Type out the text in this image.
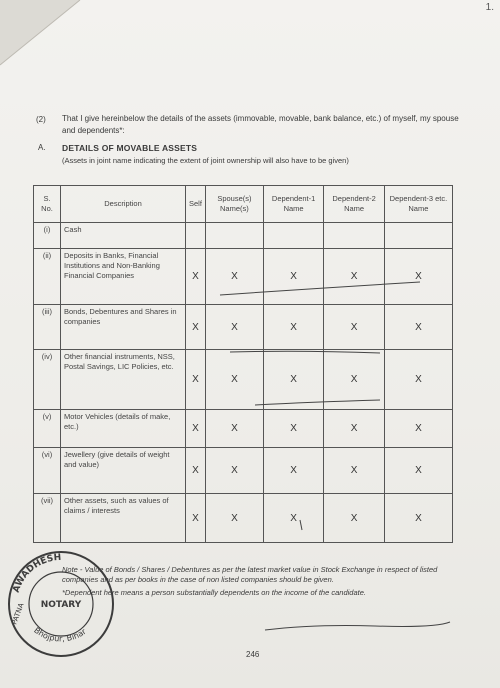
1.
(2) That I give hereinbelow the details of the assets (immovable, movable, bank balance, etc.) of myself, my spouse and dependents*:
A. DETAILS OF MOVABLE ASSETS
(Assets in joint name indicating the extent of joint ownership will also have to be given)
S. No.	Description	Self	Spouse(s) Name(s)	Dependent-1 Name	Dependent-2 Name	Dependent-3 etc. Name
(i)	Cash					
(ii)	Deposits in Banks, Financial Institutions and Non-Banking Financial Companies	X	X	X	X	X
(iii)	Bonds, Debentures and Shares in companies	X	X	X	X	X
(iv)	Other financial instruments, NSS, Postal Savings, LIC Policies, etc.	X	X	X	X	X
(v)	Motor Vehicles (details of make, etc.)	X	X	X	X	X
(vi)	Jewellery (give details of weight and value)	X	X	X	X	X
(vii)	Other assets, such as values of claims / interests	X	X	X	X	X
Note - Value of Bonds / Shares / Debentures as per the latest market value in Stock Exchange in respect of listed companies and as per books in the case of non listed companies should be given.
*Dependent here means a person substantially dependents on the income of the candidate.
246
AWADHESH
Bhojpur, Bihar
NOTARY
PATNA
